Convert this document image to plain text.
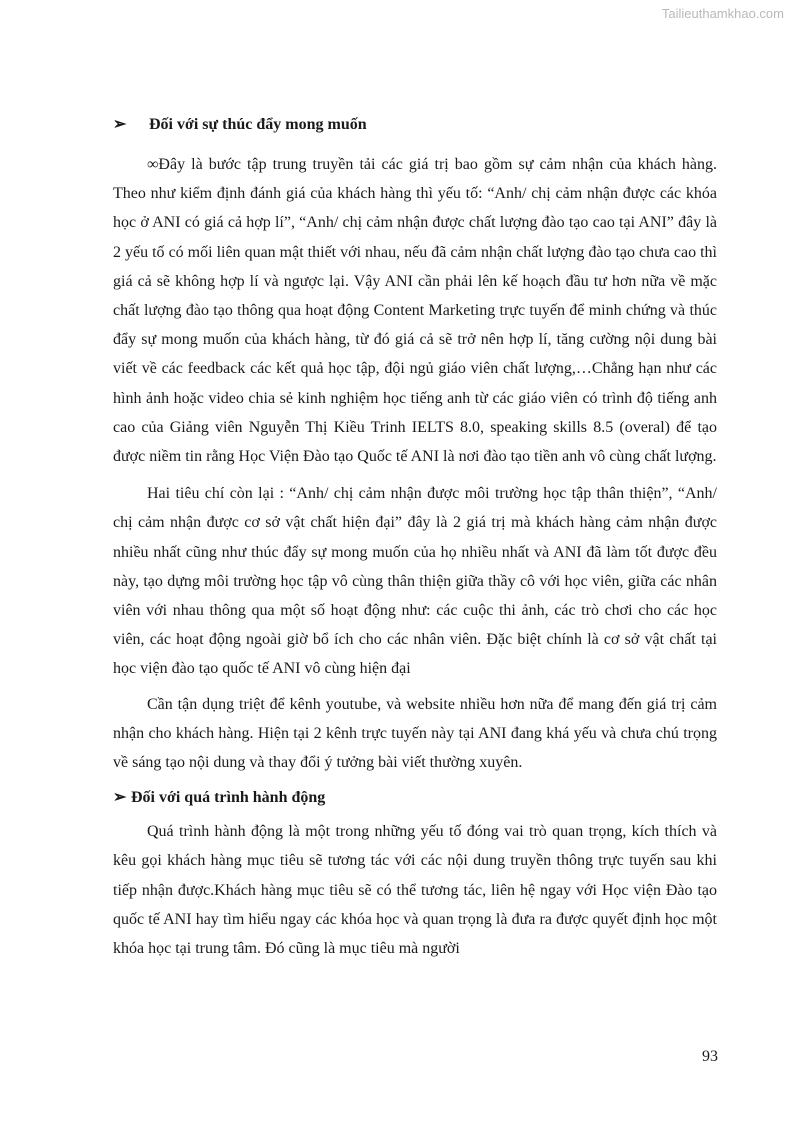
Tailieuthamkhao.com

➢ Đối với sự thúc đẩy mong muốn

∞Đây là bước tập trung truyền tải các giá trị bao gồm sự cảm nhận của khách hàng. Theo như kiểm định đánh giá của khách hàng thì yếu tố: “Anh/ chị cảm nhận được các khóa học ở ANI có giá cả hợp lí”, “Anh/ chị cảm nhận được chất lượng đào tạo cao tại ANI” đây là 2 yếu tố có mối liên quan mật thiết với nhau, nếu đã cảm nhận chất lượng đào tạo chưa cao thì giá cả sẽ không hợp lí và ngược lại. Vậy ANI cần phải lên kế hoạch đầu tư hơn nữa về mặc chất lượng đào tạo thông qua hoạt động Content Marketing trực tuyến để minh chứng và thúc đẩy sự mong muốn của khách hàng, từ đó giá cả sẽ trở nên hợp lí, tăng cường nội dung bài viết về các feedback các kết quả học tập, đội ngủ giáo viên chất lượng,…Chẳng hạn như các hình ảnh hoặc video chia sẻ kinh nghiệm học tiếng anh từ các giáo viên có trình độ tiếng anh cao của Giảng viên Nguyễn Thị Kiều Trinh IELTS 8.0, speaking skills 8.5 (overal) để tạo được niềm tin rằng Học Viện Đào tạo Quốc tế ANI là nơi đào tạo tiền anh vô cùng chất lượng.

Hai tiêu chí còn lại : “Anh/ chị cảm nhận được môi trường học tập thân thiện”, “Anh/ chị cảm nhận được cơ sở vật chất hiện đại” đây là 2 giá trị mà khách hàng cảm nhận được nhiều nhất cũng như thúc đẩy sự mong muốn của họ nhiều nhất và ANI đã làm tốt được đều này, tạo dựng môi trường học tập vô cùng thân thiện giữa thầy cô với học viên, giữa các nhân viên với nhau thông qua một số hoạt động như: các cuộc thi ảnh, các trò chơi cho các học viên, các hoạt động ngoài giờ bổ ích cho các nhân viên. Đặc biệt chính là cơ sở vật chất tại học viện đào tạo quốc tế ANI vô cùng hiện đại

Cần tận dụng triệt để kênh youtube, và website nhiều hơn nữa để mang đến giá trị cảm nhận cho khách hàng. Hiện tại 2 kênh trực tuyến này tại ANI đang khá yếu và chưa chú trọng về sáng tạo nội dung và thay đổi ý tưởng bài viết thường xuyên.

➢ Đối với quá trình hành động

Quá trình hành động là một trong những yếu tố đóng vai trò quan trọng, kích thích và kêu gọi khách hàng mục tiêu sẽ tương tác với các nội dung truyền thông trực tuyến sau khi tiếp nhận được.Khách hàng mục tiêu sẽ có thể tương tác, liên hệ ngay với Học viện Đào tạo quốc tế ANI hay tìm hiểu ngay các khóa học và quan trọng là đưa ra được quyết định học một khóa học tại trung tâm. Đó cũng là mục tiêu mà người

93
